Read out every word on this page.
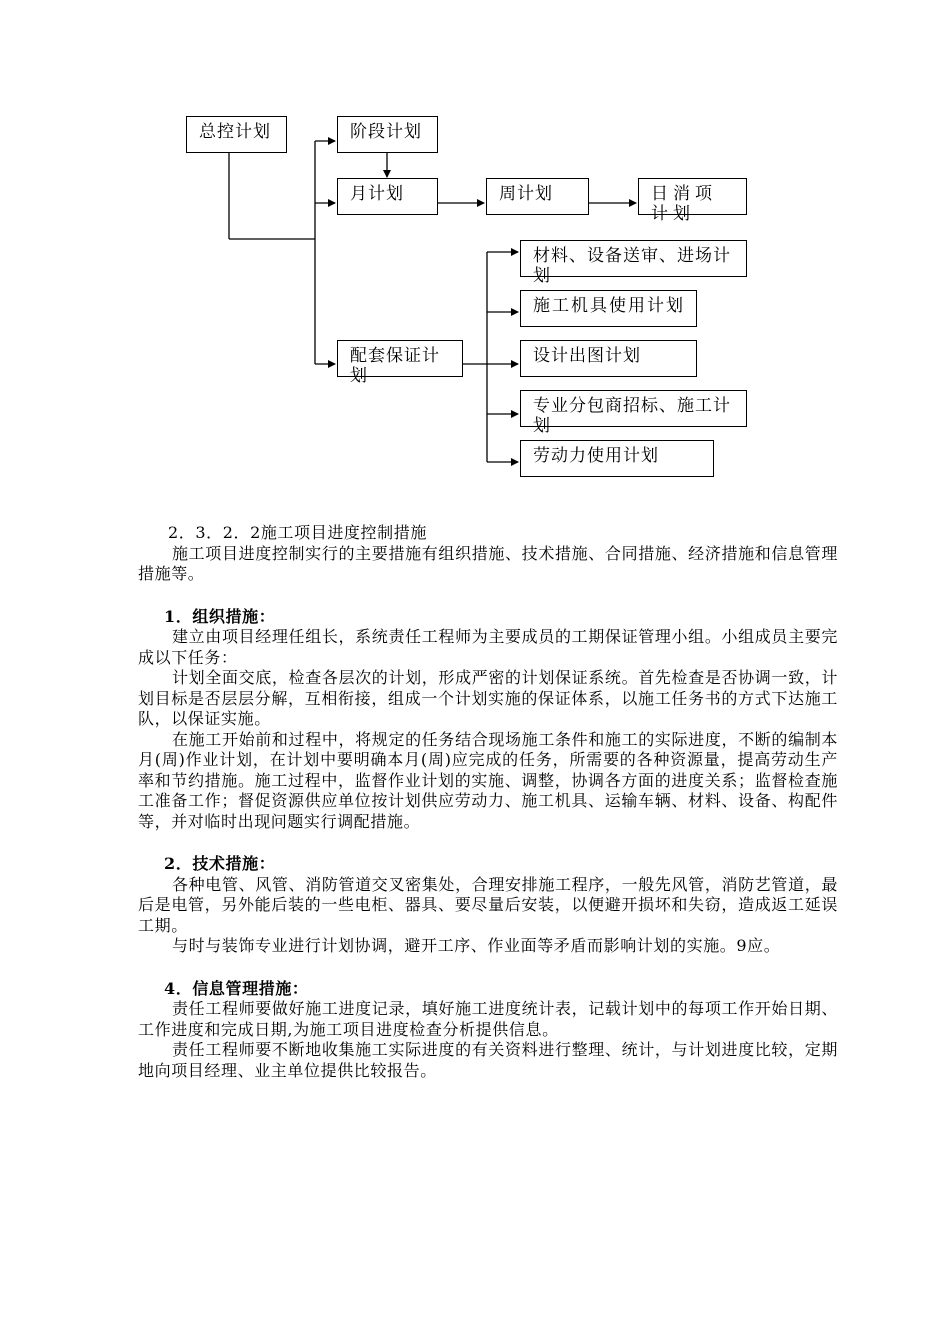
总控计划	阶段计划
月计划	周计划	日消项计划
配套保证计划
材料、设备送审、进场计划
施工机具使用计划
设计出图计划
专业分包商招标、施工计划
劳动力使用计划

2．3．2．2施工项目进度控制措施

施工项目进度控制实行的主要措施有组织措施、技术措施、合同措施、经济措施和信息管理措施等。

1．组织措施：

建立由项目经理任组长，系统责任工程师为主要成员的工期保证管理小组。小组成员主要完成以下任务：

计划全面交底，检查各层次的计划，形成严密的计划保证系统。首先检查是否协调一致，计划目标是否层层分解，互相衔接，组成一个计划实施的保证体系，以施工任务书的方式下达施工队，以保证实施。

在施工开始前和过程中，将规定的任务结合现场施工条件和施工的实际进度，不断的编制本月(周)作业计划，在计划中要明确本月(周)应完成的任务，所需要的各种资源量，提高劳动生产率和节约措施。施工过程中，监督作业计划的实施、调整，协调各方面的进度关系；监督检查施工准备工作；督促资源供应单位按计划供应劳动力、施工机具、运输车辆、材料、设备、构配件等，并对临时出现问题实行调配措施。

2．技术措施：

各种电管、风管、消防管道交叉密集处，合理安排施工程序，一般先风管，消防艺管道，最后是电管，另外能后装的一些电柜、器具、要尽量后安装，以便避开损坏和失窃，造成返工延误工期。

与时与装饰专业进行计划协调，避开工序、作业面等矛盾而影响计划的实施。9应。

4．信息管理措施：

责任工程师要做好施工进度记录，填好施工进度统计表，记载计划中的每项工作开始日期、工作进度和完成日期,为施工项目进度检查分析提供信息。

责任工程师要不断地收集施工实际进度的有关资料进行整理、统计，与计划进度比较，定期地向项目经理、业主单位提供比较报告。
